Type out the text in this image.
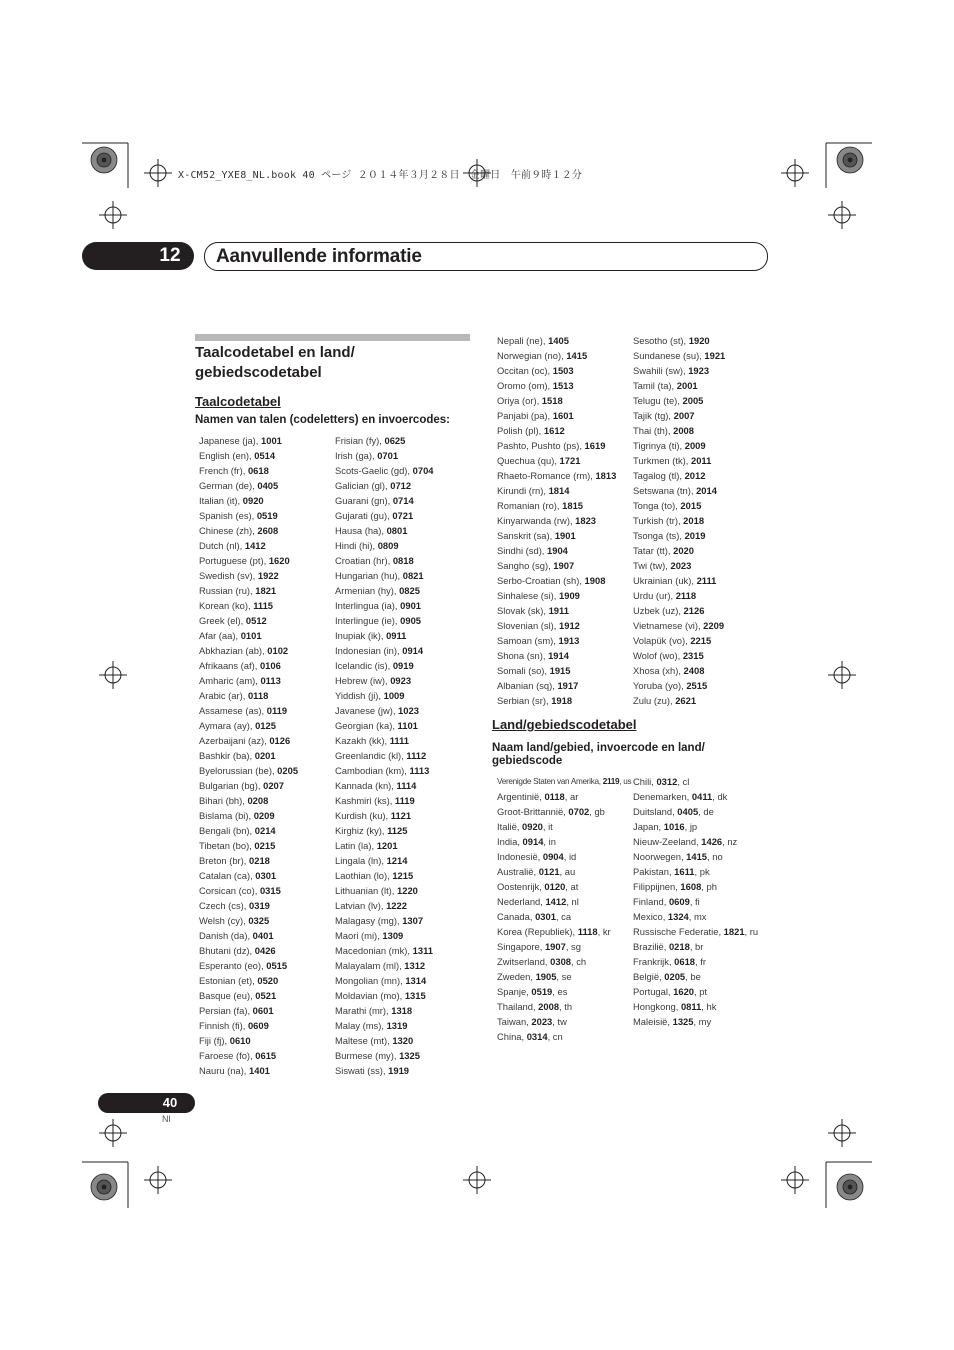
X-CM52_YXE8_NL.book 40 ページ ２０１４年３月２８日　金曜日　午前９時１２分
12	Aanvullende informatie
Taalcodetabel en land/ gebiedscodetabel
Taalcodetabel
Namen van talen (codeletters) en invoercodes:
Japanese (ja), 1001
English (en), 0514
French (fr), 0618
German (de), 0405
Italian (it), 0920
Spanish (es), 0519
Chinese (zh), 2608
Dutch (nl), 1412
Portuguese (pt), 1620
Swedish (sv), 1922
Russian (ru), 1821
Korean (ko), 1115
Greek (el), 0512
Afar (aa), 0101
Abkhazian (ab), 0102
Afrikaans (af), 0106
Amharic (am), 0113
Arabic (ar), 0118
Assamese (as), 0119
Aymara (ay), 0125
Azerbaijani (az), 0126
Bashkir (ba), 0201
Byelorussian (be), 0205
Bulgarian (bg), 0207
Bihari (bh), 0208
Bislama (bi), 0209
Bengali (bn), 0214
Tibetan (bo), 0215
Breton (br), 0218
Catalan (ca), 0301
Corsican (co), 0315
Czech (cs), 0319
Welsh (cy), 0325
Danish (da), 0401
Bhutani (dz), 0426
Esperanto (eo), 0515
Estonian (et), 0520
Basque (eu), 0521
Persian (fa), 0601
Finnish (fi), 0609
Fiji (fj), 0610
Faroese (fo), 0615
Nauru (na), 1401
Frisian (fy), 0625
Irish (ga), 0701
Scots-Gaelic (gd), 0704
Galician (gl), 0712
Guarani (gn), 0714
Gujarati (gu), 0721
Hausa (ha), 0801
Hindi (hi), 0809
Croatian (hr), 0818
Hungarian (hu), 0821
Armenian (hy), 0825
Interlingua (ia), 0901
Interlingue (ie), 0905
Inupiak (ik), 0911
Indonesian (in), 0914
Icelandic (is), 0919
Hebrew (iw), 0923
Yiddish (ji), 1009
Javanese (jw), 1023
Georgian (ka), 1101
Kazakh (kk), 1111
Greenlandic (kl), 1112
Cambodian (km), 1113
Kannada (kn), 1114
Kashmiri (ks), 1119
Kurdish (ku), 1121
Kirghiz (ky), 1125
Latin (la), 1201
Lingala (ln), 1214
Laothian (lo), 1215
Lithuanian (lt), 1220
Latvian (lv), 1222
Malagasy (mg), 1307
Maori (mi), 1309
Macedonian (mk), 1311
Malayalam (ml), 1312
Mongolian (mn), 1314
Moldavian (mo), 1315
Marathi (mr), 1318
Malay (ms), 1319
Maltese (mt), 1320
Burmese (my), 1325
Siswati (ss), 1919
Nepali (ne), 1405
Norwegian (no), 1415
Occitan (oc), 1503
Oromo (om), 1513
Oriya (or), 1518
Panjabi (pa), 1601
Polish (pl), 1612
Pashto, Pushto (ps), 1619
Quechua (qu), 1721
Rhaeto-Romance (rm), 1813
Kirundi (rn), 1814
Romanian (ro), 1815
Kinyarwanda (rw), 1823
Sanskrit (sa), 1901
Sindhi (sd), 1904
Sangho (sg), 1907
Serbo-Croatian (sh), 1908
Sinhalese (si), 1909
Slovak (sk), 1911
Slovenian (sl), 1912
Samoan (sm), 1913
Shona (sn), 1914
Somali (so), 1915
Albanian (sq), 1917
Serbian (sr), 1918
Sesotho (st), 1920
Sundanese (su), 1921
Swahili (sw), 1923
Tamil (ta), 2001
Telugu (te), 2005
Tajik (tg), 2007
Thai (th), 2008
Tigrinya (ti), 2009
Turkmen (tk), 2011
Tagalog (tl), 2012
Setswana (tn), 2014
Tonga (to), 2015
Turkish (tr), 2018
Tsonga (ts), 2019
Tatar (tt), 2020
Twi (tw), 2023
Ukrainian (uk), 2111
Urdu (ur), 2118
Uzbek (uz), 2126
Vietnamese (vi), 2209
Volapük (vo), 2215
Wolof (wo), 2315
Xhosa (xh), 2408
Yoruba (yo), 2515
Zulu (zu), 2621
Land/gebiedscodetabel
Naam land/gebied, invoercode en land/ gebiedscode
Verenigde Staten van Amerika, 2119, us
Argentinië, 0118, ar
Groot-Brittannië, 0702, gb
Italië, 0920, it
India, 0914, in
Indonesië, 0904, id
Australië, 0121, au
Oostenrijk, 0120, at
Nederland, 1412, nl
Canada, 0301, ca
Korea (Republiek), 1118, kr
Singapore, 1907, sg
Zwitserland, 0308, ch
Zweden, 1905, se
Spanje, 0519, es
Thailand, 2008, th
Taiwan, 2023, tw
China, 0314, cn
Chili, 0312, cl
Denemarken, 0411, dk
Duitsland, 0405, de
Japan, 1016, jp
Nieuw-Zeeland, 1426, nz
Noorwegen, 1415, no
Pakistan, 1611, pk
Filippijnen, 1608, ph
Finland, 0609, fi
Mexico, 1324, mx
Russische Federatie, 1821, ru
Brazilië, 0218, br
Frankrijk, 0618, fr
België, 0205, be
Portugal, 1620, pt
Hongkong, 0811, hk
Maleisië, 1325, my
40
Nl
